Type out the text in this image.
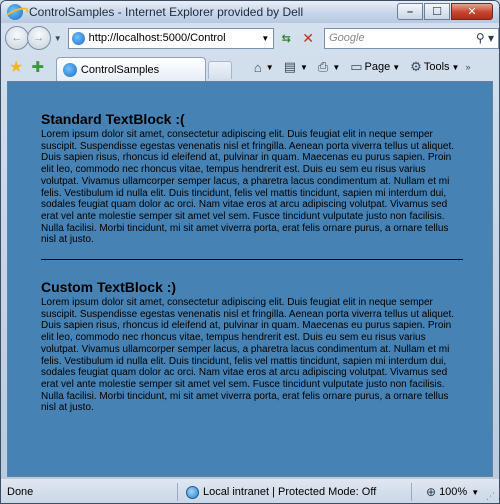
ControlSamples - Internet Explorer provided by Dell	–	☐	✕
← → ▼ http://localhost:5000/Control	▼ ⇆ ✕ Google	⚲ ▾
★ ✚	ControlSamples	⌂ ▼ ▤ ▼ ⎙ ▼ ▭ Page ▼ ⚙ Tools ▼ »
Standard TextBlock :(
Lorem ipsum dolor sit amet, consectetur adipiscing elit. Duis feugiat elit in neque semper suscipit. Suspendisse egestas venenatis nisl et fringilla. Aenean porta viverra tellus ut aliquet. Duis sapien risus, rhoncus id eleifend at, pulvinar in quam. Maecenas eu purus sapien. Proin elit leo, commodo nec rhoncus vitae, tempus hendrerit est. Duis eu sem eu risus varius volutpat. Vivamus ullamcorper semper lacus, a pharetra lacus condimentum at. Nullam et mi felis. Vestibulum id nulla elit. Duis tincidunt, felis vel mattis tincidunt, sapien mi interdum dui, sodales feugiat quam dolor ac orci. Nam vitae eros at arcu adipiscing volutpat. Vivamus sed erat vel ante molestie semper sit amet vel sem. Fusce tincidunt vulputate justo non facilisis. Nulla facilisi. Morbi tincidunt, mi sit amet viverra porta, erat felis ornare purus, a ornare tellus nisl at justo.
Custom TextBlock :)
Lorem ipsum dolor sit amet, consectetur adipiscing elit. Duis feugiat elit in neque semper suscipit. Suspendisse egestas venenatis nisl et fringilla. Aenean porta viverra tellus ut aliquet. Duis sapien risus, rhoncus id eleifend at, pulvinar in quam. Maecenas eu purus sapien. Proin elit leo, commodo nec rhoncus vitae, tempus hendrerit est. Duis eu sem eu risus varius volutpat. Vivamus ullamcorper semper lacus, a pharetra lacus condimentum at. Nullam et mi felis. Vestibulum id nulla elit. Duis tincidunt, felis vel mattis tincidunt, sapien mi interdum dui, sodales feugiat quam dolor ac orci. Nam vitae eros at arcu adipiscing volutpat. Vivamus sed erat vel ante molestie semper sit amet vel sem. Fusce tincidunt vulputate justo non facilisis. Nulla facilisi. Morbi tincidunt, mi sit amet viverra porta, erat felis ornare purus, a ornare tellus nisl at justo.
Done	Local intranet | Protected Mode: Off	⊕ 100% ▼ ⋰
